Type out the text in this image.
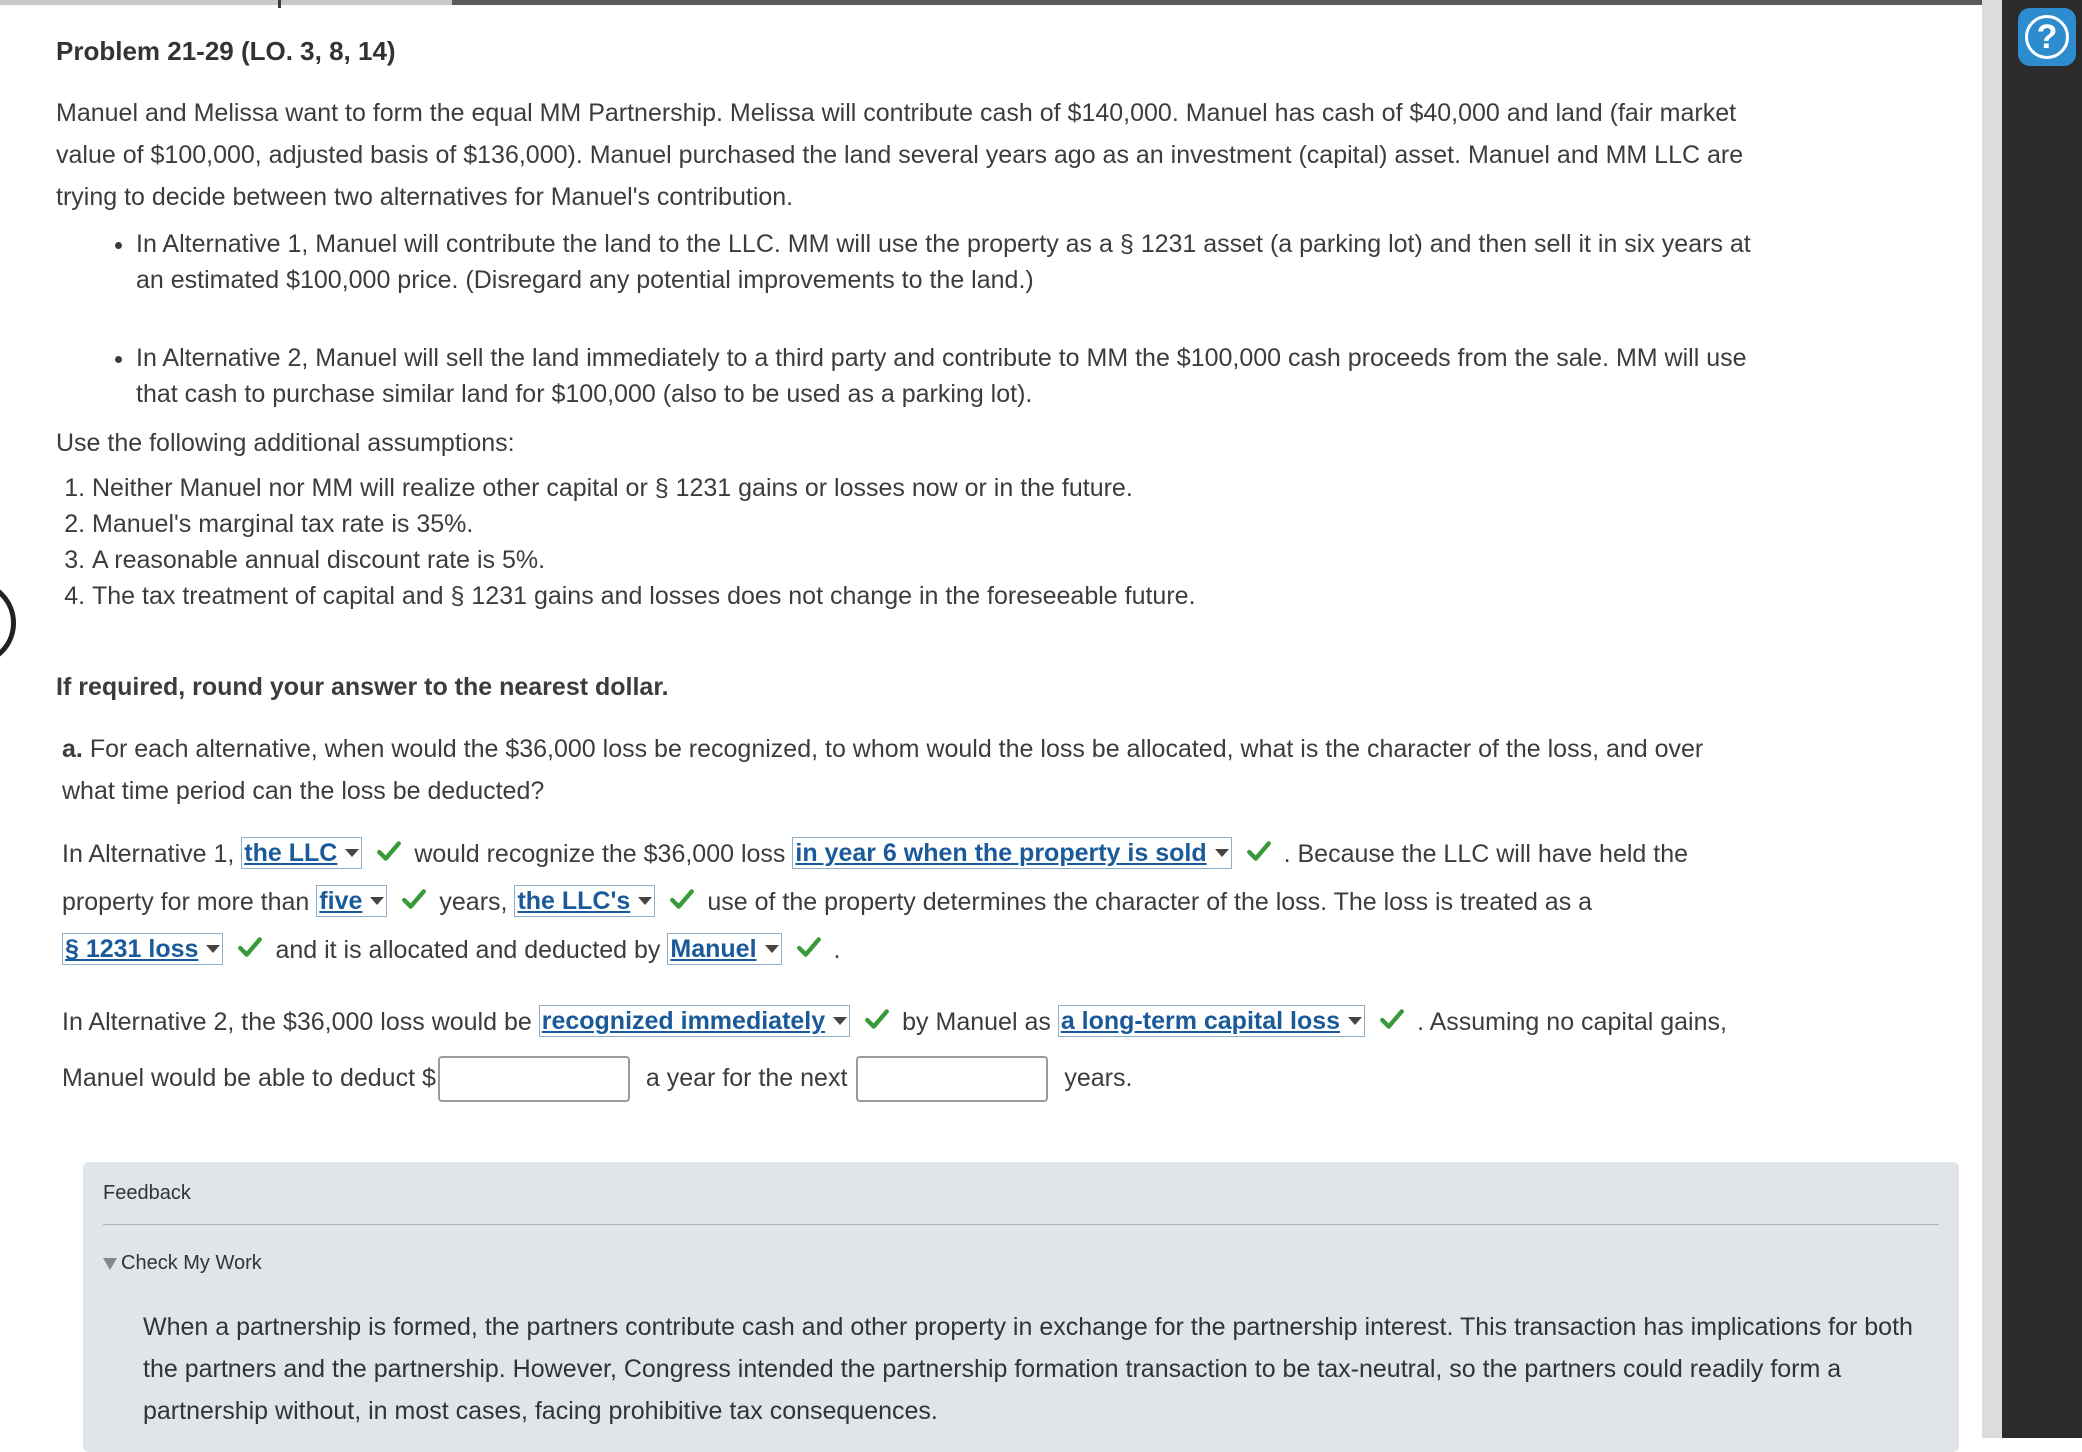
?
Problem 21-29 (LO. 3, 8, 14)

Manuel and Melissa want to form the equal MM Partnership. Melissa will contribute cash of $140,000. Manuel has cash of $40,000 and land (fair market value of $100,000, adjusted basis of $136,000). Manuel purchased the land several years ago as an investment (capital) asset. Manuel and MM LLC are trying to decide between two alternatives for Manuel's contribution.

• In Alternative 1, Manuel will contribute the land to the LLC. MM will use the property as a § 1231 asset (a parking lot) and then sell it in six years at an estimated $100,000 price. (Disregard any potential improvements to the land.)
• In Alternative 2, Manuel will sell the land immediately to a third party and contribute to MM the $100,000 cash proceeds from the sale. MM will use that cash to purchase similar land for $100,000 (also to be used as a parking lot).

Use the following additional assumptions:

1. Neither Manuel nor MM will realize other capital or § 1231 gains or losses now or in the future.
2. Manuel's marginal tax rate is 35%.
3. A reasonable annual discount rate is 5%.
4. The tax treatment of capital and § 1231 gains and losses does not change in the foreseeable future.

If required, round your answer to the nearest dollar.

a. For each alternative, when would the $36,000 loss be recognized, to whom would the loss be allocated, what is the character of the loss, and over what time period can the loss be deducted?

In Alternative 1, the LLC	would recognize the $36,000 loss in year 6 when the property is sold	. Because the LLC will have held the property for more than five	years, the LLC's	use of the property determines the character of the loss. The loss is treated as a
§ 1231 loss	and it is allocated and deducted by Manuel	.

In Alternative 2, the $36,000 loss would be recognized immediately	by Manuel as a long-term capital loss	. Assuming no capital gains, Manuel would be able to deduct $	a year for the next	years.

Feedback
Check My Work
When a partnership is formed, the partners contribute cash and other property in exchange for the partnership interest. This transaction has implications for both the partners and the partnership. However, Congress intended the partnership formation transaction to be tax-neutral, so the partners could readily form a partnership without, in most cases, facing prohibitive tax consequences.
